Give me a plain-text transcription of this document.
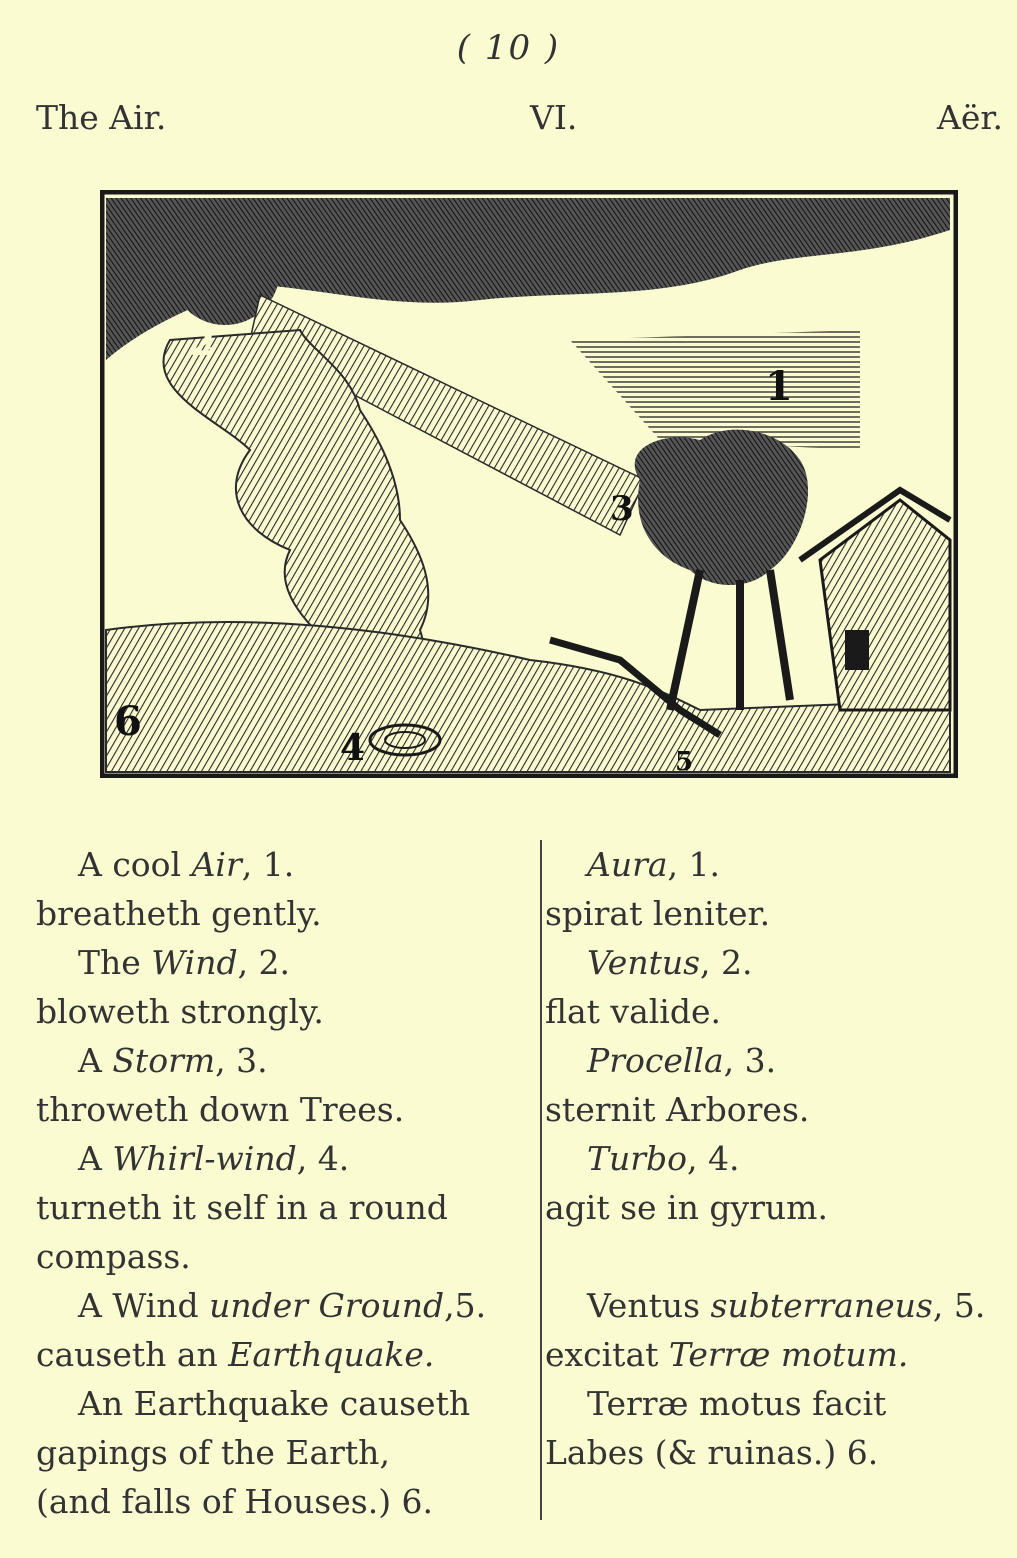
( 10 )
The Air.	VI.	Aër.
1
2
3
4	5
6
A cool Air, 1.
breatheth gently.
The Wind, 2.
bloweth strongly.
A Storm, 3.
throweth down Trees.
A Whirl-wind, 4.
turneth it self in a round
compass.
A Wind under Ground,5.
causeth an Earthquake.
An Earthquake causeth
gapings of the Earth,
(and falls of Houses.) 6.
Aura, 1.
spirat leniter.
Ventus, 2.
flat valide.
Procella, 3.
sternit Arbores.
Turbo, 4.
agit se in gyrum.
Ventus subterraneus, 5.
excitat Terræ motum.
Terræ motus facit
Labes (& ruinas.) 6.
